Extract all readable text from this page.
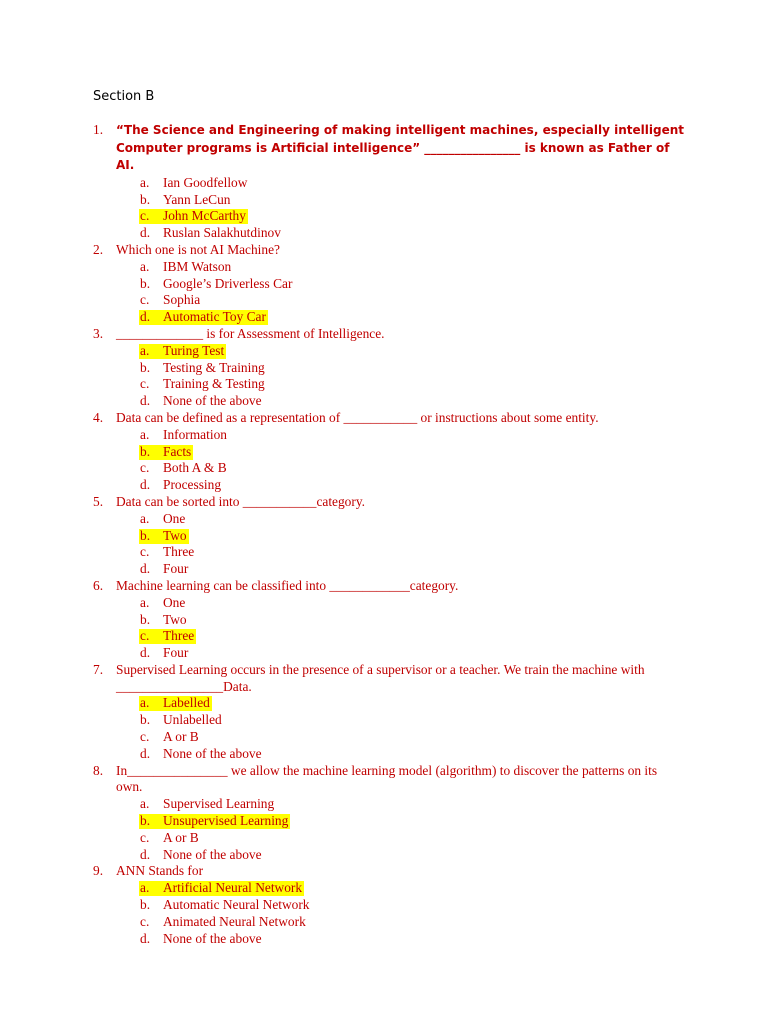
Section B
1.	“The Science and Engineering of making intelligent machines, especially intelligent Computer programs is Artificial intelligence” ________________ is known as Father of AI.
a.	Ian Goodfellow
b. Yann LeCun
c.	John McCarthy
d. Ruslan Salakhutdinov
2. Which one is not AI Machine?
a.	IBM Watson
b. Google’s Driverless Car
c.	Sophia
d. Automatic Toy Car
3. _____________ is for Assessment of Intelligence.
a.	Turing Test
b. Testing & Training
c.	Training & Testing
d. None of the above
4. Data can be defined as a representation of ___________ or instructions about some entity.
a.	Information
b. Facts
c.	Both A & B
d. Processing
5. Data can be sorted into ___________category.
a.	One
b. Two
c.	Three
d. Four
6. Machine learning can be classified into ____________category.
a.	One
b. Two
c.	Three
d. Four
7. Supervised Learning occurs in the presence of a supervisor or a teacher. We train the machine with ________________Data.
a.	Labelled
b. Unlabelled
c.	A or B
d. None of the above
8. In_______________ we allow the machine learning model (algorithm) to discover the patterns on its own.
a.	Supervised Learning
b. Unsupervised Learning
c.	A or B
d. None of the above
9. ANN Stands for
a.	Artificial Neural Network
b. Automatic Neural Network
c.	Animated Neural Network
d. None of the above
